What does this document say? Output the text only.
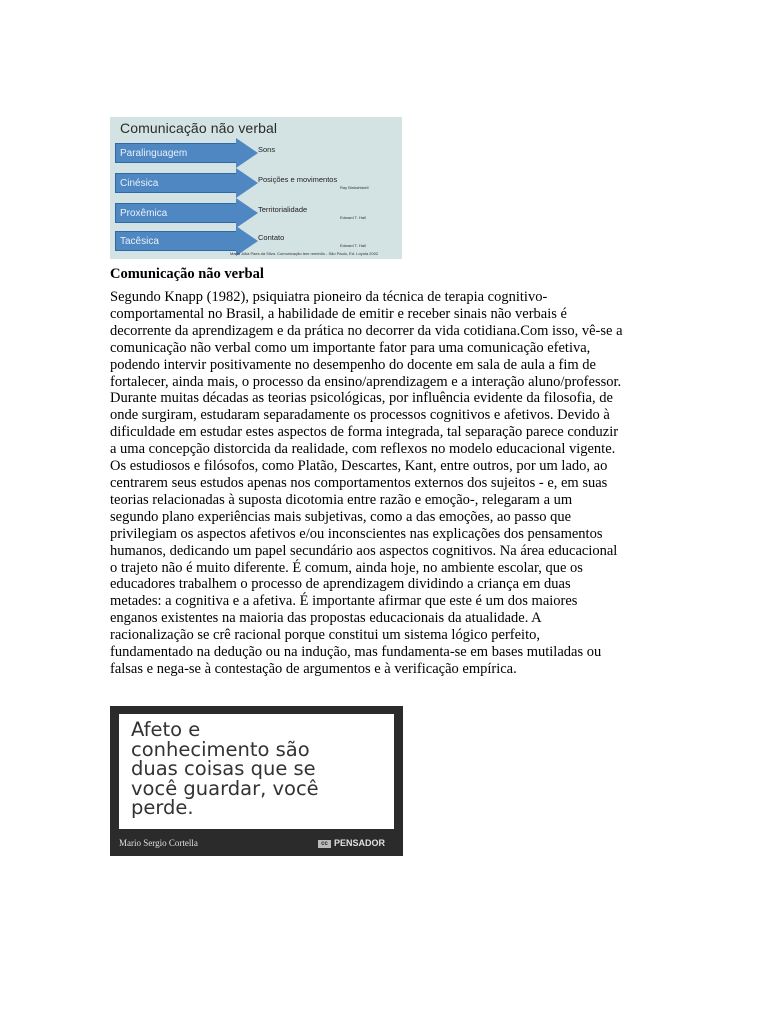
Comunicação não verbal
Paralinguagem	Sons
Cinésica	Posições e movimentos
Ray Birdwhistell
Proxêmica	Territorialidade
Edward T. Hall
Tacêsica	Contato
Edward T. Hall
Maria Júlia Paes da Silva. Comunicação tem remédio - São Paulo, Ed. Loyola 2002
Comunicação não verbal
Segundo Knapp (1982), psiquiatra pioneiro da técnica de terapia cognitivo-
comportamental no Brasil, a habilidade de emitir e receber sinais não verbais é
decorrente da aprendizagem e da prática no decorrer da vida cotidiana.Com isso, vê-se a
comunicação não verbal como um importante fator para uma comunicação efetiva,
podendo intervir positivamente no desempenho do docente em sala de aula a fim de
fortalecer, ainda mais, o processo da ensino/aprendizagem e a interação aluno/professor.
Durante muitas décadas as teorias psicológicas, por influência evidente da filosofia, de
onde surgiram, estudaram separadamente os processos cognitivos e afetivos. Devido à
dificuldade em estudar estes aspectos de forma integrada, tal separação parece conduzir
a uma concepção distorcida da realidade, com reflexos no modelo educacional vigente.
Os estudiosos e filósofos, como Platão, Descartes, Kant, entre outros, por um lado, ao
centrarem seus estudos apenas nos comportamentos externos dos sujeitos - e, em suas
teorias relacionadas à suposta dicotomia entre razão e emoção-, relegaram a um
segundo plano experiências mais subjetivas, como a das emoções, ao passo que
privilegiam os aspectos afetivos e/ou inconscientes nas explicações dos pensamentos
humanos, dedicando um papel secundário aos aspectos cognitivos. Na área educacional
o trajeto não é muito diferente. É comum, ainda hoje, no ambiente escolar, que os
educadores trabalhem o processo de aprendizagem dividindo a criança em duas
metades: a cognitiva e a afetiva. É importante afirmar que este é um dos maiores
enganos existentes na maioria das propostas educacionais da atualidade. A
racionalização se crê racional porque constitui um sistema lógico perfeito,
fundamentado na dedução ou na indução, mas fundamenta-se em bases mutiladas ou
falsas e nega-se à contestação de argumentos e à verificação empírica.
Afeto e
conhecimento são
duas coisas que se
você guardar, você
perde.
Mario Sergio Cortella	cc PENSADOR
